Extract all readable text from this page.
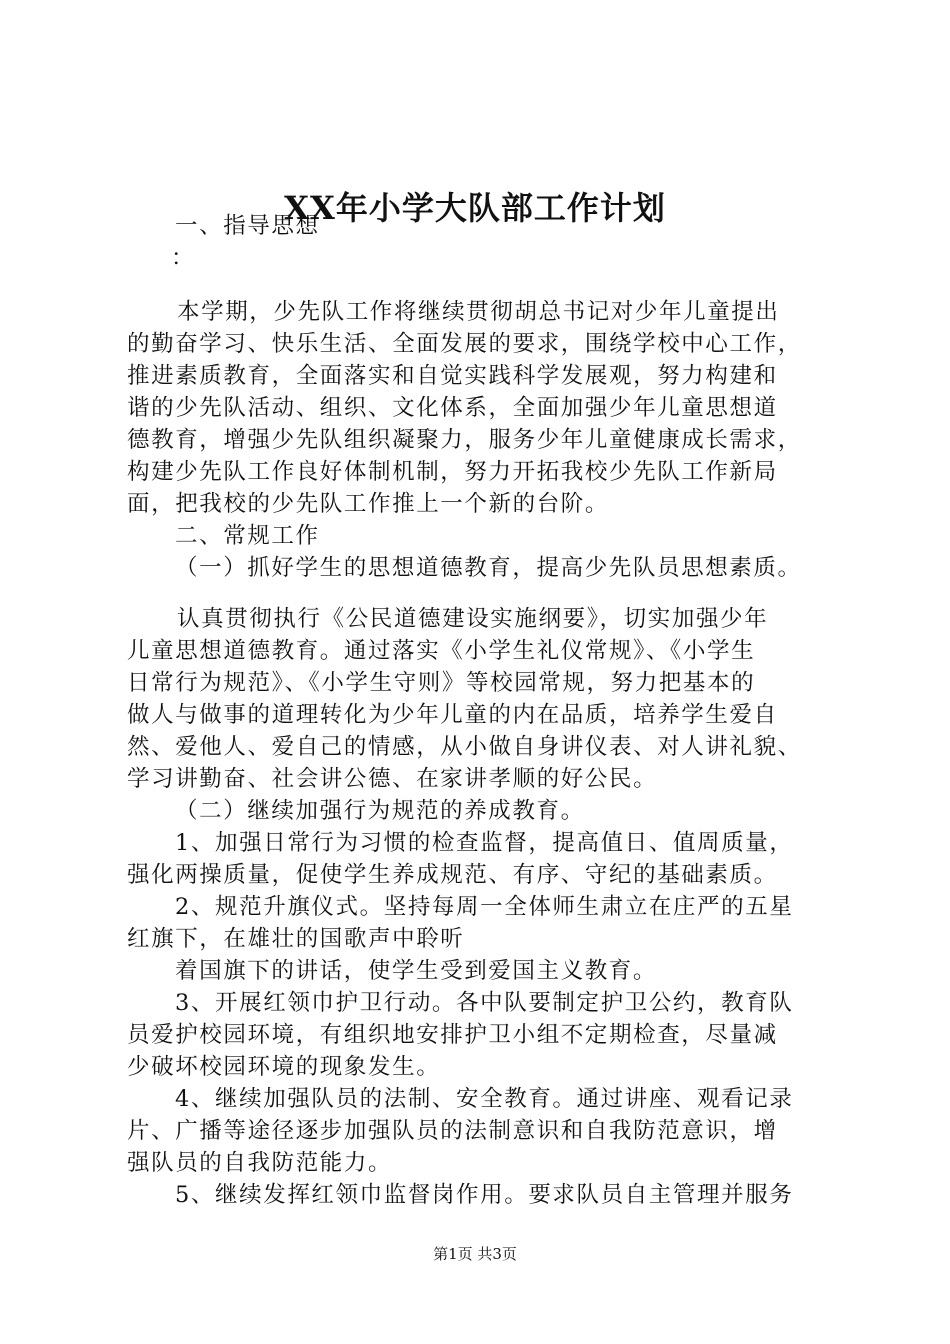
XX年小学大队部工作计划
一、指导思想
：
本学期，少先队工作将继续贯彻胡总书记对少年儿童提出
的勤奋学习、快乐生活、全面发展的要求，围绕学校中心工作，
推进素质教育，全面落实和自觉实践科学发展观，努力构建和
谐的少先队活动、组织、文化体系，全面加强少年儿童思想道
德教育，增强少先队组织凝聚力，服务少年儿童健康成长需求，
构建少先队工作良好体制机制，努力开拓我校少先队工作新局
面，把我校的少先队工作推上一个新的台阶。
二、常规工作
（一）抓好学生的思想道德教育，提高少先队员思想素质。
认真贯彻执行《公民道德建设实施纲要》，切实加强少年
儿童思想道德教育。通过落实《小学生礼仪常规》、《小学生
日常行为规范》、《小学生守则》等校园常规，努力把基本的
做人与做事的道理转化为少年儿童的内在品质，培养学生爱自
然、爱他人、爱自己的情感，从小做自身讲仪表、对人讲礼貌、
学习讲勤奋、社会讲公德、在家讲孝顺的好公民。
（二）继续加强行为规范的养成教育。
1、加强日常行为习惯的检查监督，提高值日、值周质量，
强化两操质量，促使学生养成规范、有序、守纪的基础素质。
2、规范升旗仪式。坚持每周一全体师生肃立在庄严的五星
红旗下，在雄壮的国歌声中聆听
着国旗下的讲话，使学生受到爱国主义教育。
3、开展红领巾护卫行动。各中队要制定护卫公约，教育队
员爱护校园环境，有组织地安排护卫小组不定期检查，尽量减
少破坏校园环境的现象发生。
4、继续加强队员的法制、安全教育。通过讲座、观看记录
片、广播等途径逐步加强队员的法制意识和自我防范意识，增
强队员的自我防范能力。
5、继续发挥红领巾监督岗作用。要求队员自主管理并服务
第1页 共3页
